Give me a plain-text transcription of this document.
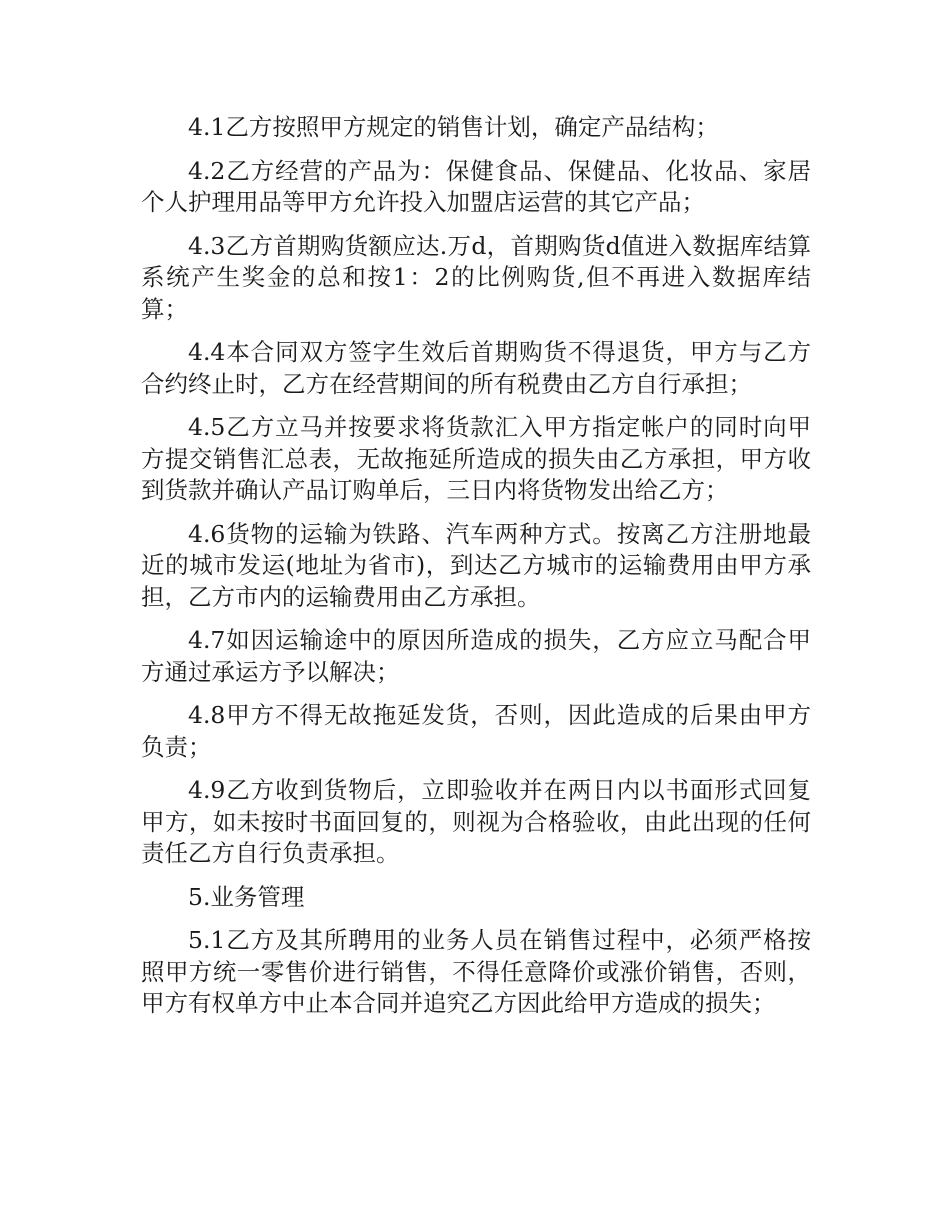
4.1乙方按照甲方规定的销售计划，确定产品结构；

4.2乙方经营的产品为：保健食品、保健品、化妆品、家居个人护理用品等甲方允许投入加盟店运营的其它产品；

4.3乙方首期购货额应达.万d，首期购货d值进入数据库结算系统产生奖金的总和按1：2的比例购货,但不再进入数据库结算；

4.4本合同双方签字生效后首期购货不得退货，甲方与乙方合约终止时，乙方在经营期间的所有税费由乙方自行承担；

4.5乙方立马并按要求将货款汇入甲方指定帐户的同时向甲方提交销售汇总表，无故拖延所造成的损失由乙方承担，甲方收到货款并确认产品订购单后，三日内将货物发出给乙方；

4.6货物的运输为铁路、汽车两种方式。按离乙方注册地最近的城市发运(地址为省市)，到达乙方城市的运输费用由甲方承担，乙方市内的运输费用由乙方承担。

4.7如因运输途中的原因所造成的损失，乙方应立马配合甲方通过承运方予以解决；

4.8甲方不得无故拖延发货，否则，因此造成的后果由甲方负责；

4.9乙方收到货物后，立即验收并在两日内以书面形式回复甲方，如未按时书面回复的，则视为合格验收，由此出现的任何责任乙方自行负责承担。

5.业务管理

5.1乙方及其所聘用的业务人员在销售过程中，必须严格按照甲方统一零售价进行销售，不得任意降价或涨价销售，否则，甲方有权单方中止本合同并追究乙方因此给甲方造成的损失；
